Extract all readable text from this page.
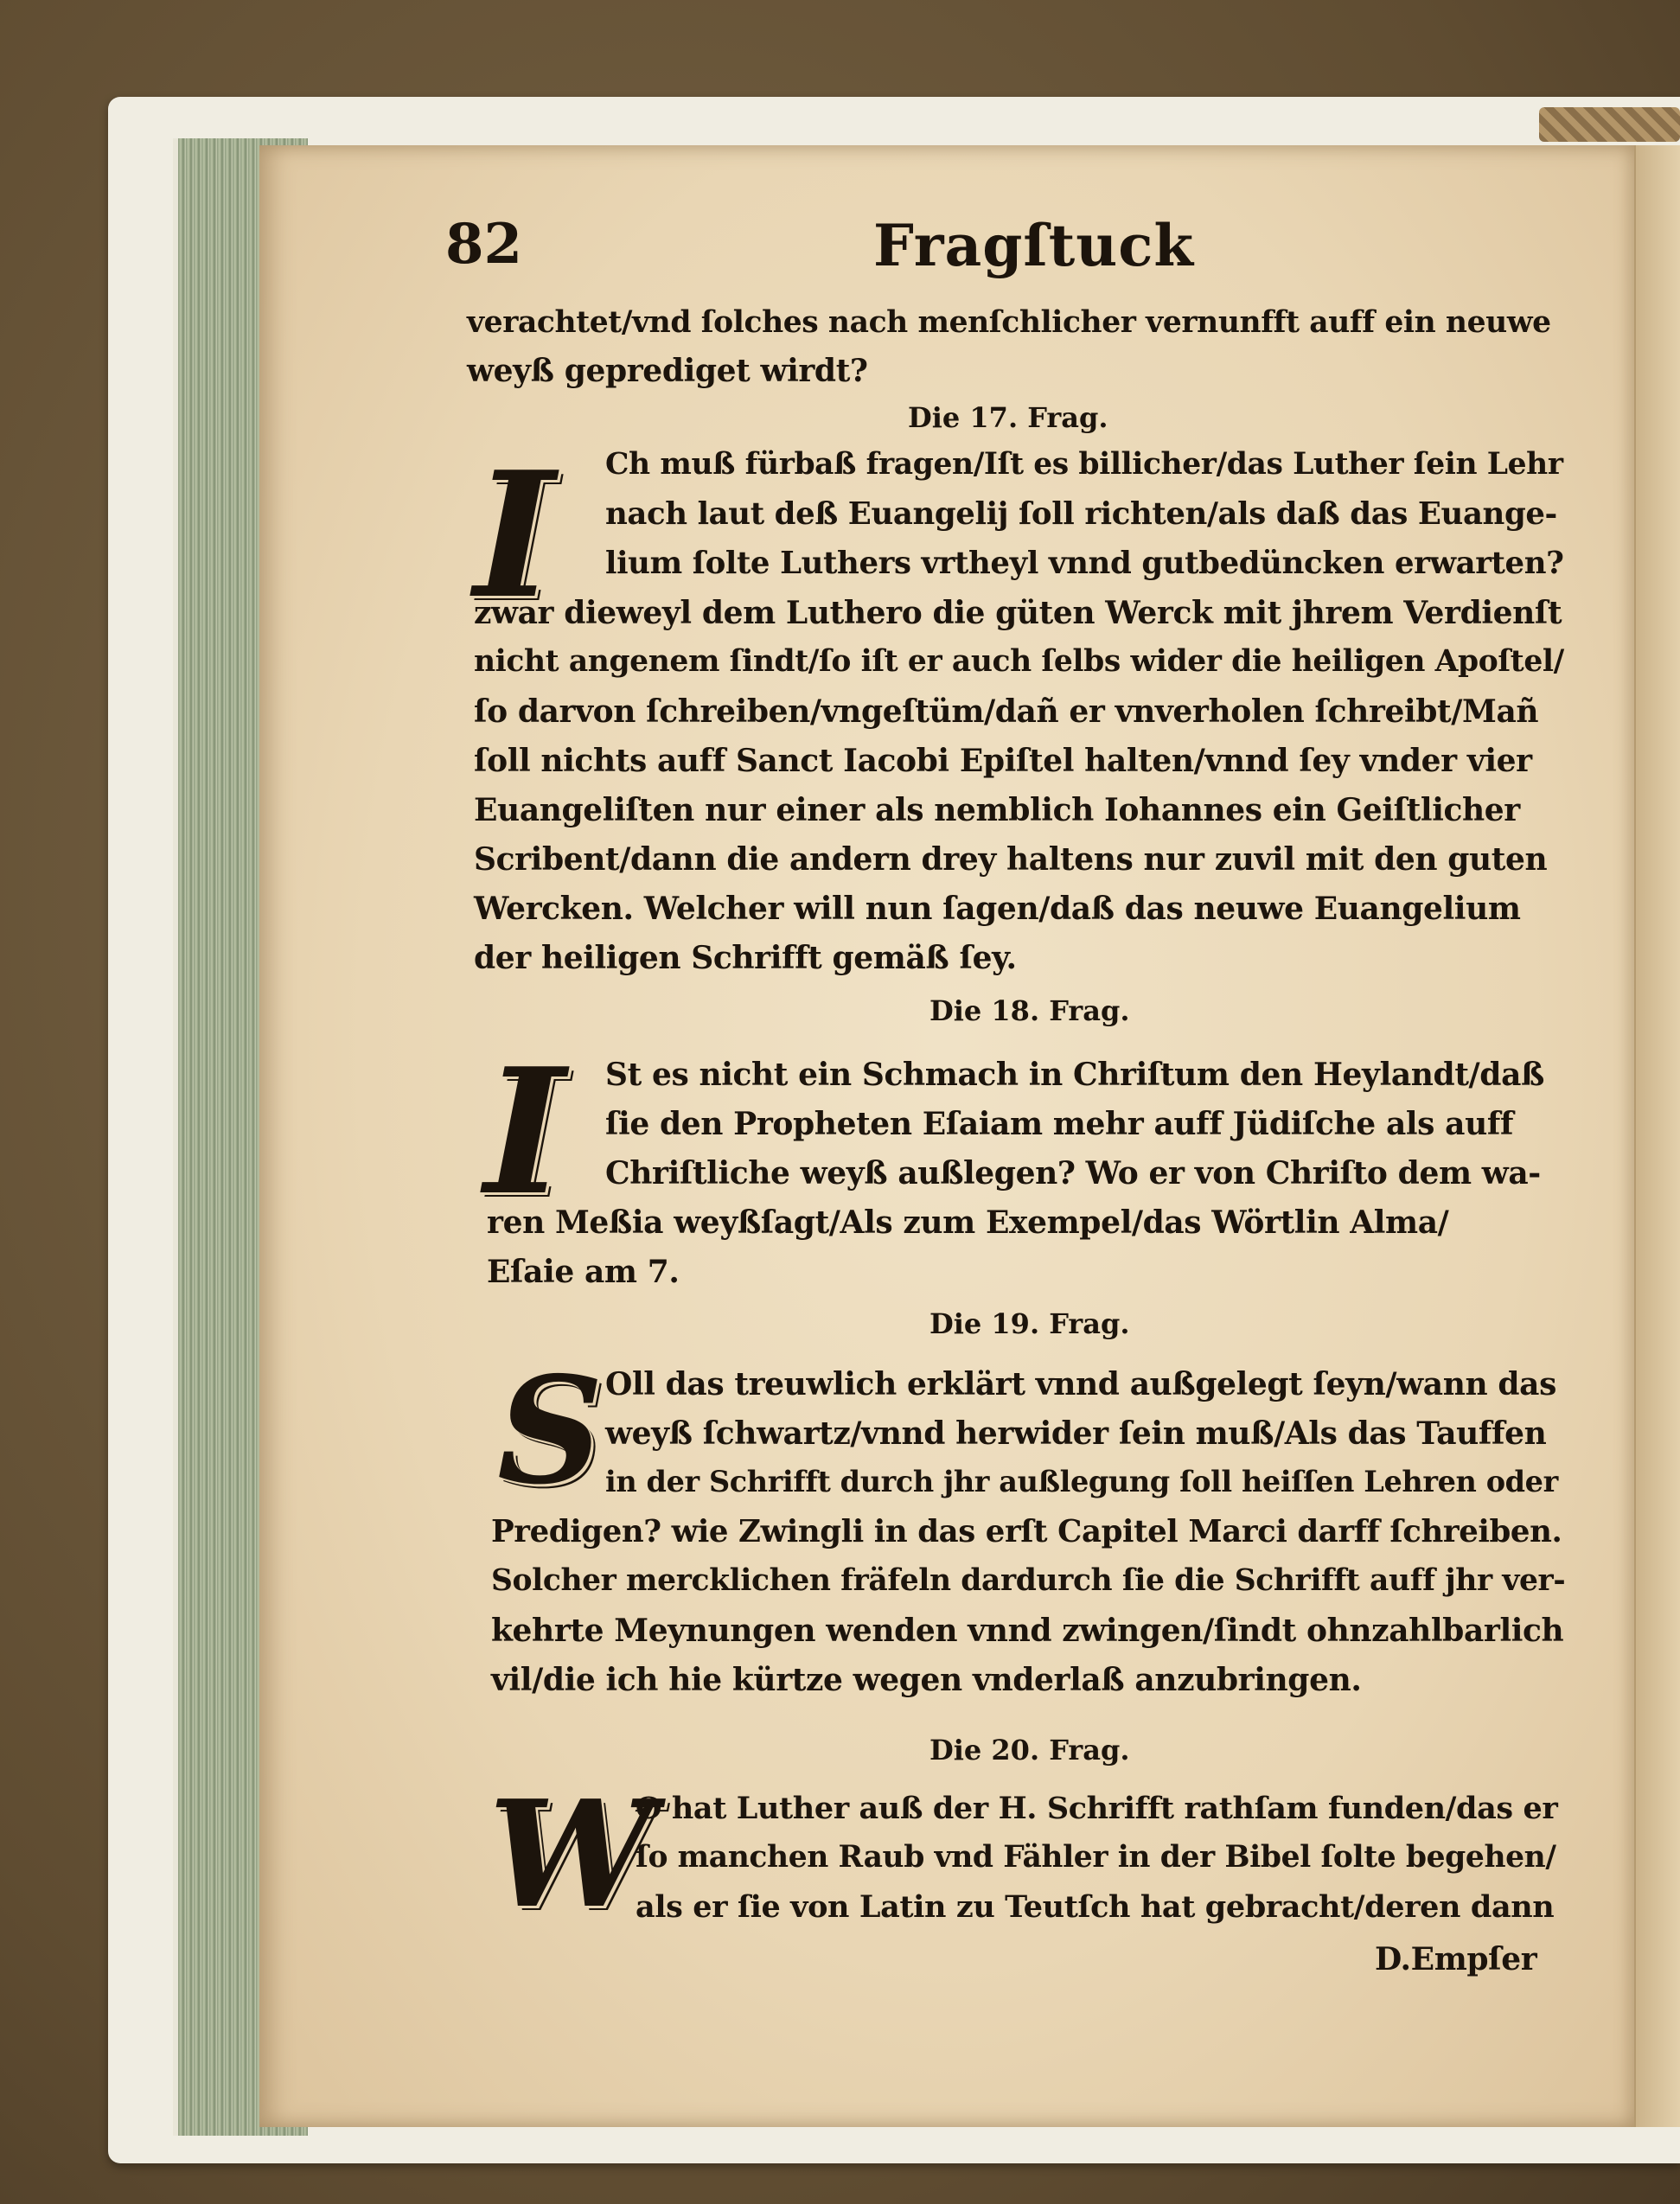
82	Fragſtuck

verachtet/vnd ſolches nach menſchlicher vernunfft auff ein neuwe

weyß geprediget wirdt?

Die 17. Frag.

I Ch muß fürbaß fragen/Iſt es billicher/das Luther ſein Lehr

nach laut deß Euangelij ſoll richten/als daß das Euange-

lium ſolte Luthers vrtheyl vnnd gutbedüncken erwarten?

zwar dieweyl dem Luthero die güten Werck mit jhrem Verdienſt

nicht angenem ſindt/ſo iſt er auch ſelbs wider die heiligen Apoſtel/

ſo darvon ſchreiben/vngeſtüm/dañ er vnverholen ſchreibt/Mañ

ſoll nichts auff Sanct Iacobi Epiſtel halten/vnnd ſey vnder vier

Euangeliſten nur einer als nemblich Iohannes ein Geiſtlicher

Scribent/dann die andern drey haltens nur zuvil mit den guten

Wercken. Welcher will nun ſagen/daß das neuwe Euangelium

der heiligen Schrifft gemäß ſey.

Die 18. Frag.

I St es nicht ein Schmach in Chriſtum den Heylandt/daß

ſie den Propheten Eſaiam mehr auff Jüdiſche als auff

Chriſtliche weyß außlegen? Wo er von Chriſto dem wa-

ren Meßia weyßſagt/Als zum Exempel/das Wörtlin Alma/

Eſaie am 7.

Die 19. Frag.

S Oll das treuwlich erklärt vnnd außgelegt ſeyn/wann das

weyß ſchwartz/vnnd herwider ſein muß/Als das Tauffen

in der Schrifft durch jhr außlegung ſoll heiſſen Lehren oder

Predigen? wie Zwingli in das erſt Capitel Marci darff ſchreiben.

Solcher mercklichen fräfeln dardurch ſie die Schrifft auff jhr ver-

kehrte Meynungen wenden vnnd zwingen/ſindt ohnzahlbarlich

vil/die ich hie kürtze wegen vnderlaß anzubringen.

Die 20. Frag.

W

O hat Luther auß der H. Schrifft rathſam funden/das er

ſo manchen Raub vnd Fähler in der Bibel ſolte begehen/

als er ſie von Latin zu Teutſch hat gebracht/deren dann

D.Empſer
